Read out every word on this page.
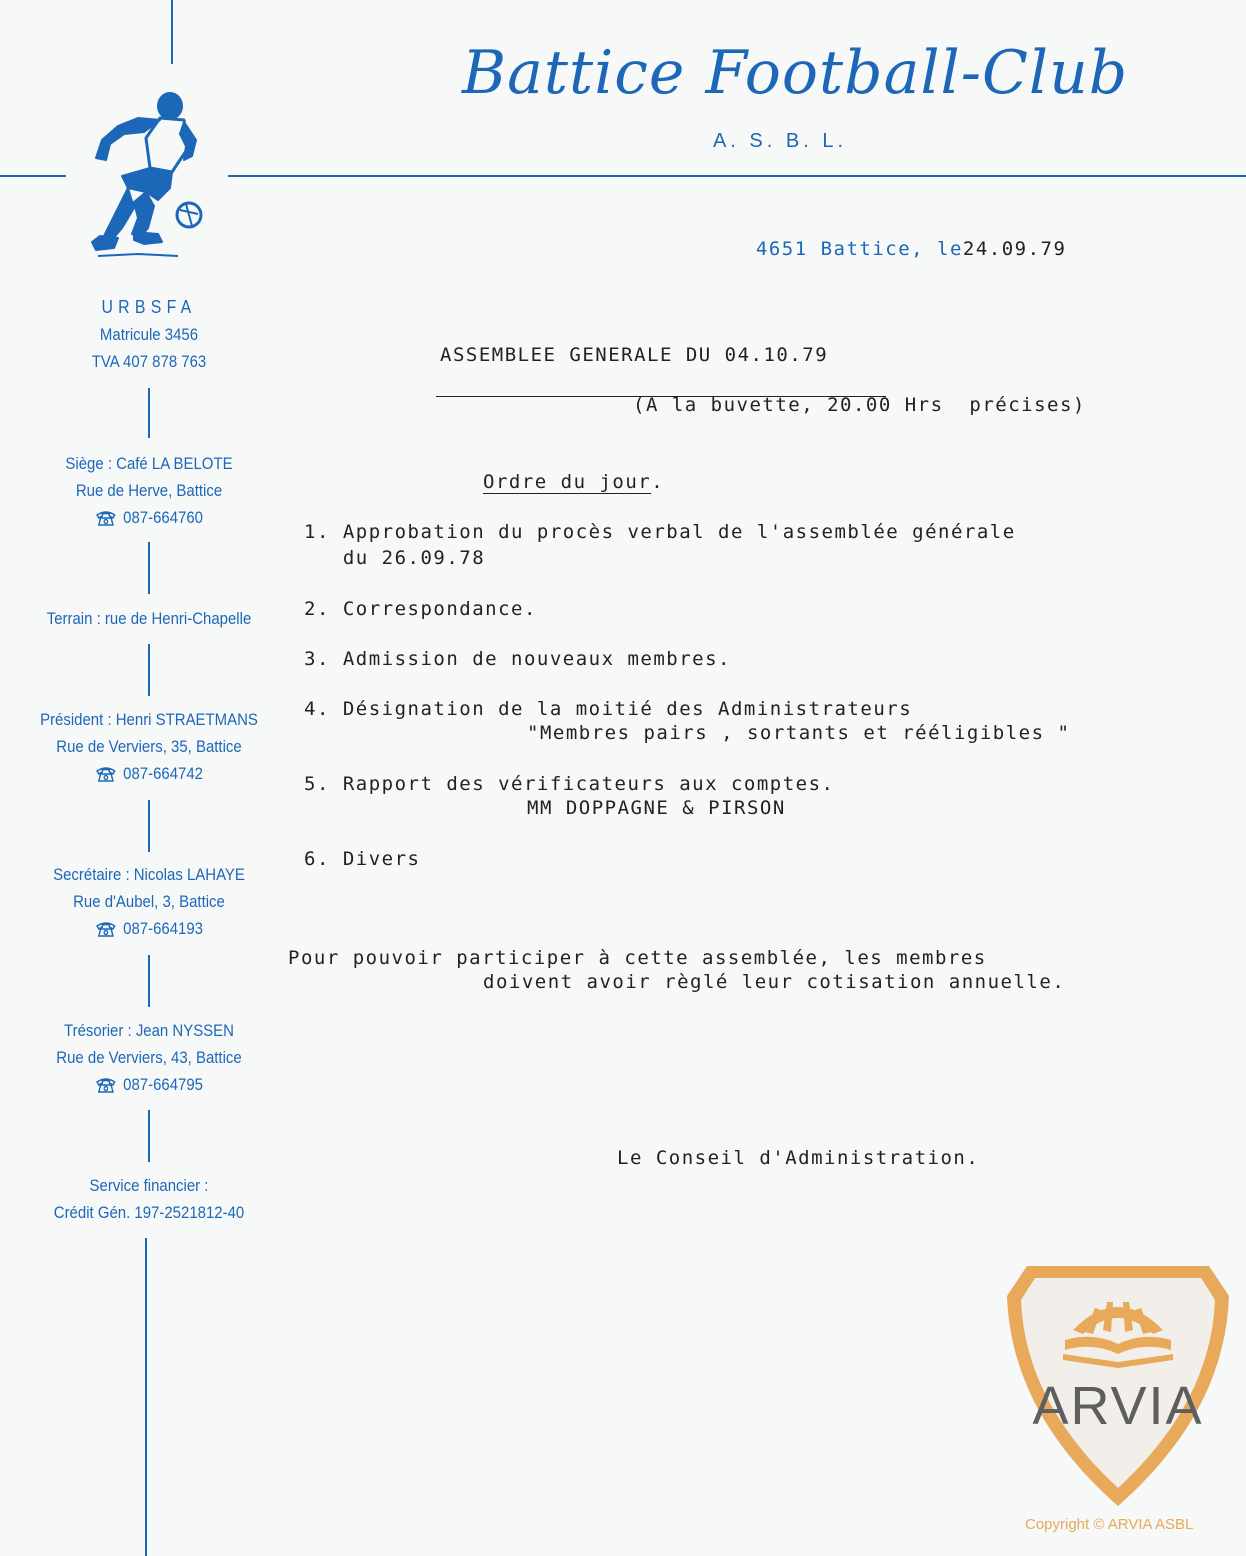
Battice Football-Club
A. S. B. L.
URBSFA
Matricule 3456
TVA 407 878 763
Siège : Café LA BELOTE
Rue de Herve, Battice
087-664760
Terrain : rue de Henri-Chapelle
Président : Henri STRAETMANS
Rue de Verviers, 35, Battice
087-664742
Secrétaire : Nicolas LAHAYE
Rue d'Aubel, 3, Battice
087-664193
Trésorier : Jean NYSSEN
Rue de Verviers, 43, Battice
087-664795
Service financier :
Crédit Gén. 197-2521812-40

4651 Battice, le24.09.79

ASSEMBLEE GENERALE DU 04.10.79
(A la buvette, 20.00 Hrs  précises)
Ordre du jour.
1. Approbation du procès verbal de l'assemblée générale
du 26.09.78
2. Correspondance.
3. Admission de nouveaux membres.
4. Désignation de la moitié des Administrateurs
"Membres pairs , sortants et rééligibles "
5. Rapport des vérificateurs aux comptes.
MM DOPPAGNE & PIRSON
6. Divers
Pour pouvoir participer à cette assemblée, les membres
doivent avoir règlé leur cotisation annuelle.
Le Conseil d'Administration.
ARVIA
Copyright © ARVIA ASBL
